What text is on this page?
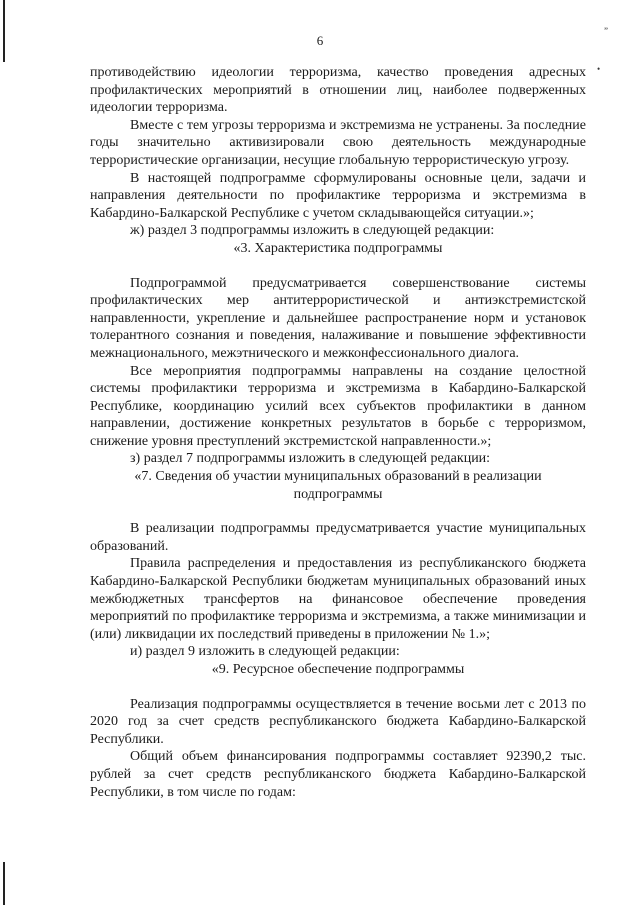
”
•
6

противодействию идеологии терроризма, качество проведения адресных профилактических мероприятий в отношении лиц, наиболее подверженных идеологии терроризма.

Вместе с тем угрозы терроризма и экстремизма не устранены. За последние годы значительно активизировали свою деятельность международные террористические организации, несущие глобальную террористическую угрозу.

В настоящей подпрограмме сформулированы основные цели, задачи и направления деятельности по профилактике терроризма и экстремизма в Кабардино-Балкарской Республике с учетом складывающейся ситуации.»;

ж) раздел 3 подпрограммы изложить в следующей редакции:

«3. Характеристика подпрограммы

Подпрограммой предусматривается совершенствование системы профилактических мер антитеррористической и антиэкстремистской направленности, укрепление и дальнейшее распространение норм и установок толерантного сознания и поведения, налаживание и повышение эффективности межнационального, межэтнического и межконфессионального диалога.

Все мероприятия подпрограммы направлены на создание целостной системы профилактики терроризма и экстремизма в Кабардино-Балкарской Республике, координацию усилий всех субъектов профилактики в данном направлении, достижение конкретных результатов в борьбе с терроризмом, снижение уровня преступлений экстремистской направленности.»;

з) раздел 7 подпрограммы изложить в следующей редакции:

«7. Сведения об участии муниципальных образований в реализации подпрограммы

В реализации подпрограммы предусматривается участие муниципальных образований.

Правила распределения и предоставления из республиканского бюджета Кабардино-Балкарской Республики бюджетам муниципальных образований иных межбюджетных трансфертов на финансовое обеспечение проведения мероприятий по профилактике терроризма и экстремизма, а также минимизации и (или) ликвидации их последствий приведены в приложении № 1.»;

и) раздел 9 изложить в следующей редакции:

«9. Ресурсное обеспечение подпрограммы

Реализация подпрограммы осуществляется в течение восьми лет с 2013 по 2020 год за счет средств республиканского бюджета Кабардино-Балкарской Республики.

Общий объем финансирования подпрограммы составляет 92390,2 тыс. рублей за счет средств республиканского бюджета Кабардино-Балкарской Республики, в том числе по годам:
